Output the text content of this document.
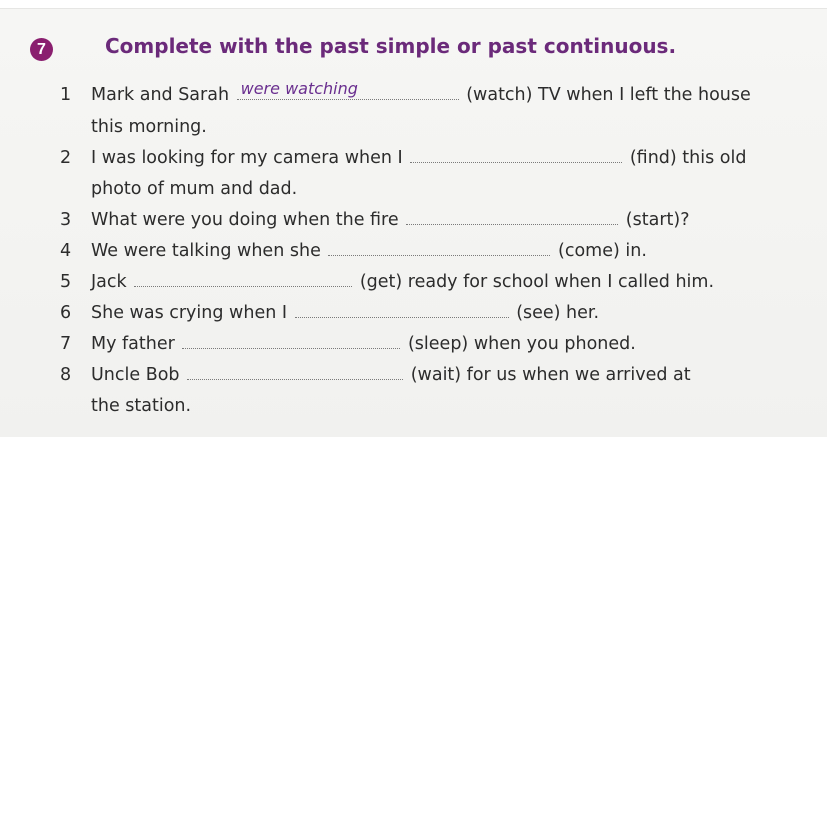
7	Complete with the past simple or past continuous.
1 Mark and Sarah were watching	(watch) TV when I left the house
this morning.
2 I was looking for my camera when I	(find) this old
photo of mum and dad.
3 What were you doing when the fire	(start)?
4 We were talking when she	(come) in.
5 Jack	(get) ready for school when I called him.
6 She was crying when I	(see) her.
7 My father	(sleep) when you phoned.
8 Uncle Bob	(wait) for us when we arrived at
the station.
